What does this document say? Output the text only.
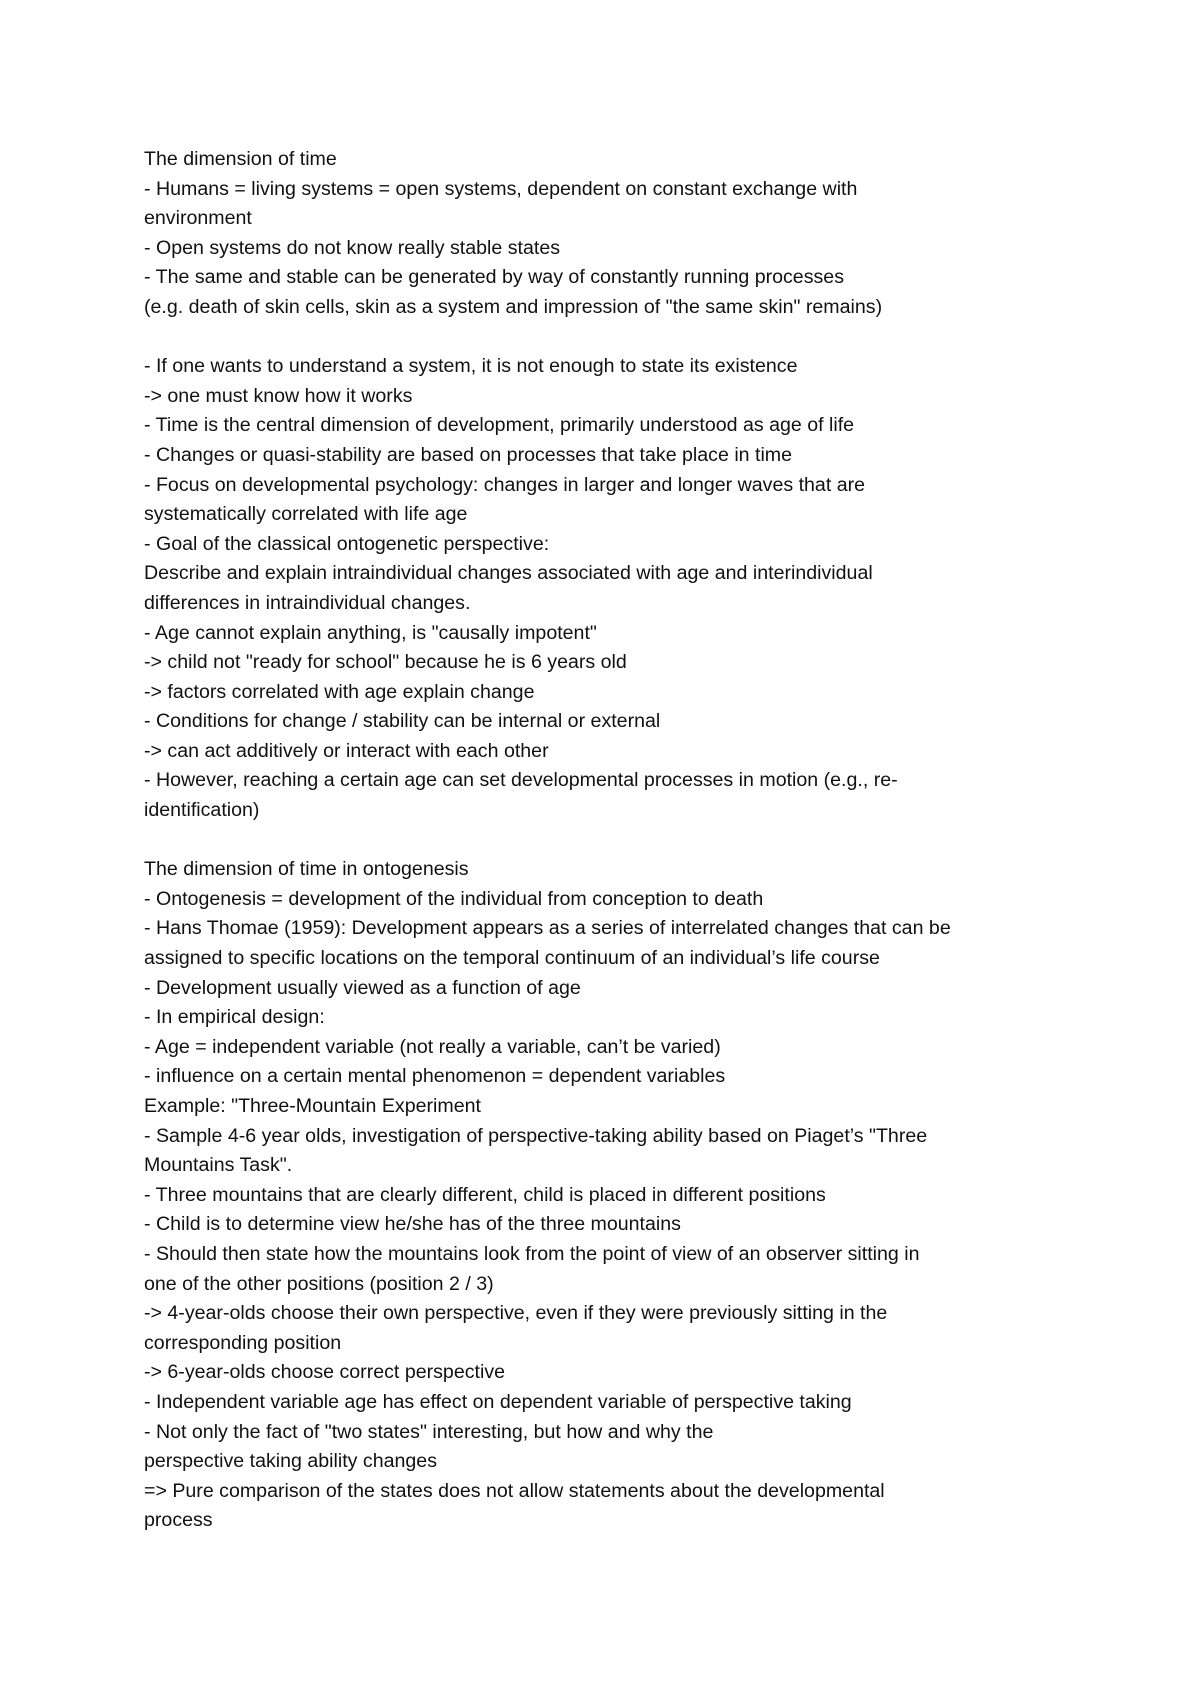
The dimension of time
- Humans = living systems = open systems, dependent on constant exchange with
environment
- Open systems do not know really stable states
- The same and stable can be generated by way of constantly running processes
(e.g. death of skin cells, skin as a system and impression of "the same skin" remains)
- If one wants to understand a system, it is not enough to state its existence
-> one must know how it works
- Time is the central dimension of development, primarily understood as age of life
- Changes or quasi-stability are based on processes that take place in time
- Focus on developmental psychology: changes in larger and longer waves that are
systematically correlated with life age
- Goal of the classical ontogenetic perspective:
Describe and explain intraindividual changes associated with age and interindividual
differences in intraindividual changes.
- Age cannot explain anything, is "causally impotent"
-> child not "ready for school" because he is 6 years old
-> factors correlated with age explain change
- Conditions for change / stability can be internal or external
-> can act additively or interact with each other
- However, reaching a certain age can set developmental processes in motion (e.g., re-
identification)
The dimension of time in ontogenesis
- Ontogenesis = development of the individual from conception to death
- Hans Thomae (1959): Development appears as a series of interrelated changes that can be
assigned to specific locations on the temporal continuum of an individual’s life course
- Development usually viewed as a function of age
- In empirical design:
- Age = independent variable (not really a variable, can’t be varied)
- influence on a certain mental phenomenon = dependent variables
Example: "Three-Mountain Experiment
- Sample 4-6 year olds, investigation of perspective-taking ability based on Piaget’s "Three
Mountains Task".
- Three mountains that are clearly different, child is placed in different positions
- Child is to determine view he/she has of the three mountains
- Should then state how the mountains look from the point of view of an observer sitting in
one of the other positions (position 2 / 3)
-> 4-year-olds choose their own perspective, even if they were previously sitting in the
corresponding position
-> 6-year-olds choose correct perspective
- Independent variable age has effect on dependent variable of perspective taking
- Not only the fact of "two states" interesting, but how and why the
perspective taking ability changes
=> Pure comparison of the states does not allow statements about the developmental
process
